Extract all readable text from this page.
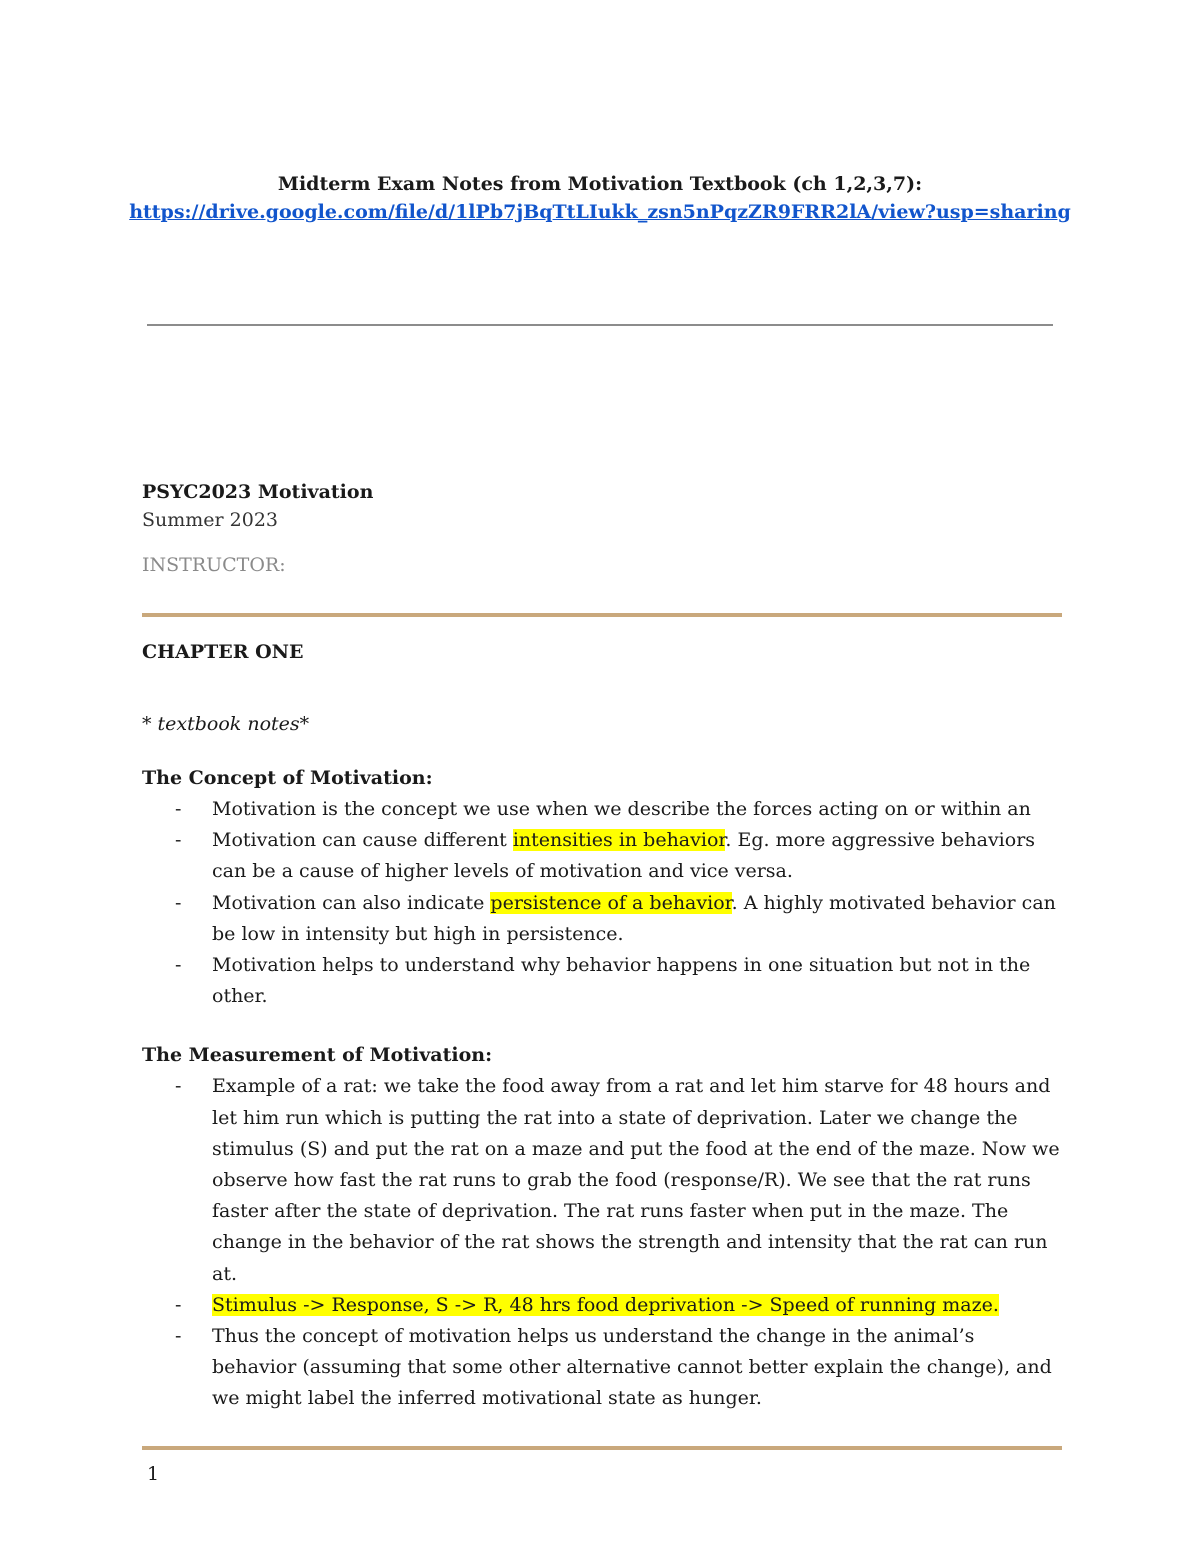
Midterm Exam Notes from Motivation Textbook (ch 1,2,3,7):

https://drive.google.com/file/d/1lPb7jBqTtLIukk_zsn5nPqzZR9FRR2lA/view?usp=sharing

PSYC2023 Motivation

Summer 2023

INSTRUCTOR:

CHAPTER ONE

* textbook notes*

The Concept of Motivation:

- Motivation is the concept we use when we describe the forces acting on or within an
- Motivation can cause different intensities in behavior. Eg. more aggressive behaviors can be a cause of higher levels of motivation and vice versa.
- Motivation can also indicate persistence of a behavior. A highly motivated behavior can be low in intensity but high in persistence.
- Motivation helps to understand why behavior happens in one situation but not in the other.

The Measurement of Motivation:

- Example of a rat: we take the food away from a rat and let him starve for 48 hours and let him run which is putting the rat into a state of deprivation. Later we change the stimulus (S) and put the rat on a maze and put the food at the end of the maze. Now we observe how fast the rat runs to grab the food (response/R). We see that the rat runs faster after the state of deprivation. The rat runs faster when put in the maze. The change in the behavior of the rat shows the strength and intensity that the rat can run at.
- Stimulus -> Response, S -> R, 48 hrs food deprivation -> Speed of running maze.
- Thus the concept of motivation helps us understand the change in the animal’s behavior (assuming that some other alternative cannot better explain the change), and we might label the inferred motivational state as hunger.
1
